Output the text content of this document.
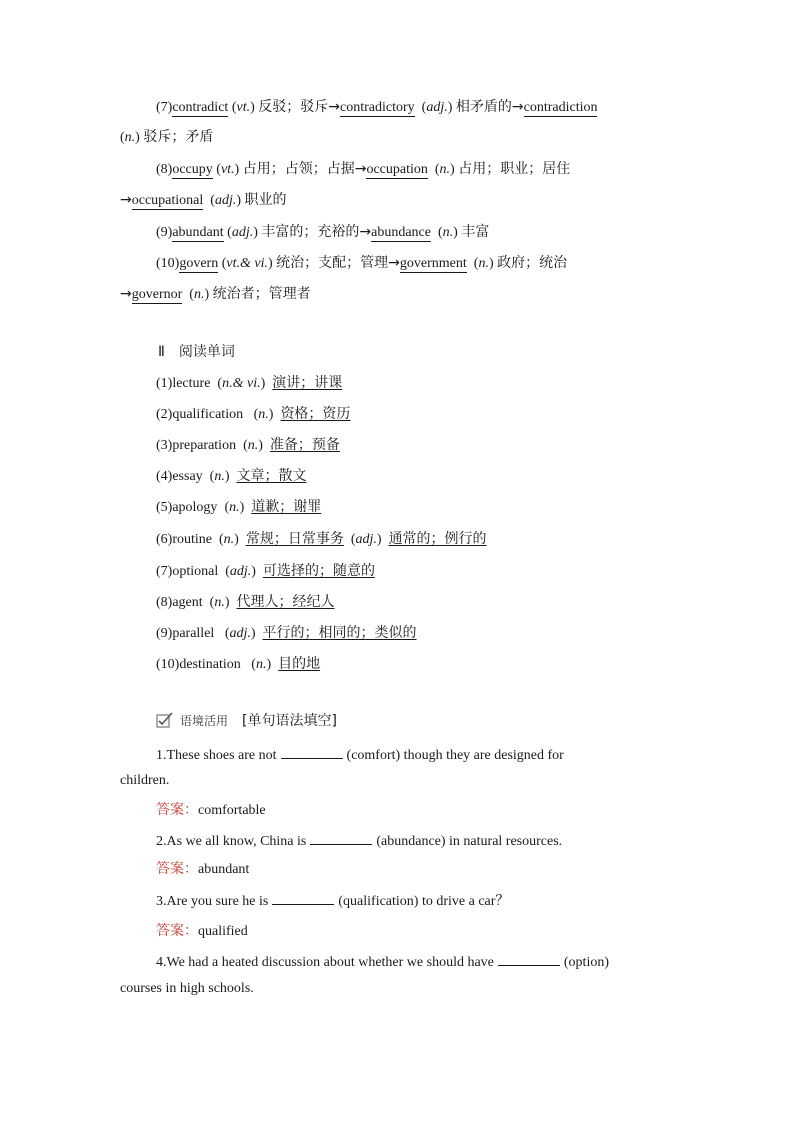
(7)contradict (vt.) 反驳；驳斥→contradictory  (adj.) 相矛盾的→contradiction
(n.) 驳斥；矛盾
(8)occupy (vt.) 占用；占领；占据→occupation  (n.) 占用；职业；居住
→occupational  (adj.) 职业的
(9)abundant (adj.) 丰富的；充裕的→abundance  (n.) 丰富
(10)govern (vt.& vi.) 统治；支配；管理→government  (n.) 政府；统治
→governor  (n.) 统治者；管理者
Ⅱ　阅读单词
(1)lecture  (n.& vi.)  演讲；讲课
(2)qualification   (n.)  资格；资历
(3)preparation  (n.)  准备；预备
(4)essay  (n.)  文章；散文
(5)apology  (n.)  道歉；谢罪
(6)routine  (n.)  常规；日常事务  (adj.)  通常的；例行的
(7)optional  (adj.)  可选择的；随意的
(8)agent  (n.)  代理人；经纪人
(9)parallel   (adj.)  平行的；相同的；类似的
(10)destination   (n.)  目的地
语境活用 [单句语法填空]
1.These shoes are not	(comfort) though they are designed for
children.
答案：comfortable
2.As we all know, China is	(abundance) in natural resources.
答案：abundant
3.Are you sure he is	(qualification) to drive a car？
答案：qualified
4.We had a heated discussion about whether we should have	(option)
courses in high schools.
